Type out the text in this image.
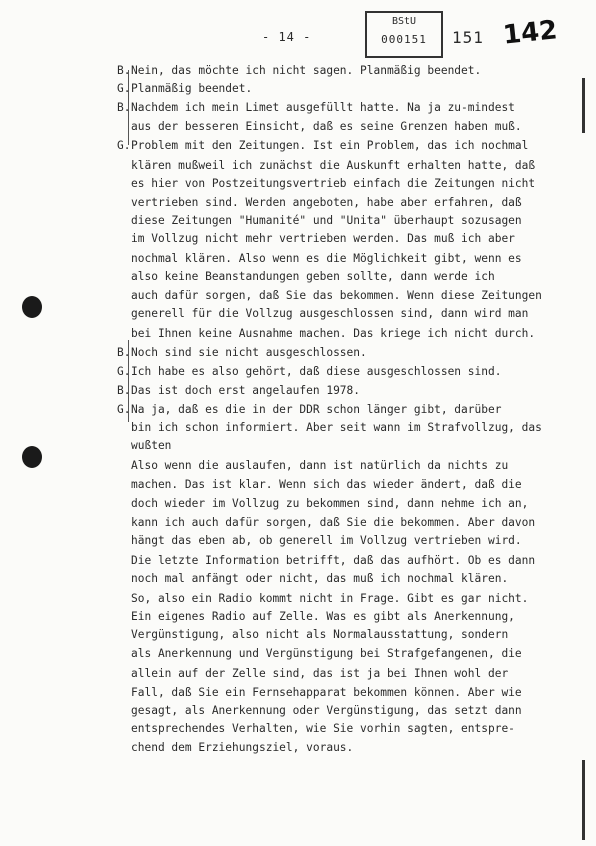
- 14 -
BStU
000151	151 142
B. Nein, das möchte ich nicht sagen. Planmäßig beendet.
G. Planmäßig beendet.
B. Nachdem ich mein Limet ausgefüllt hatte. Na ja zu-mindest
aus der besseren Einsicht, daß es seine Grenzen haben muß.
G. Problem mit den Zeitungen. Ist ein Problem, das ich nochmal
klären mußweil ich zunächst die Auskunft erhalten hatte, daß
es hier von Postzeitungsvertrieb einfach die Zeitungen nicht
vertrieben sind. Werden angeboten, habe aber erfahren, daß
diese Zeitungen "Humanité" und "Unita" überhaupt sozusagen
im Vollzug nicht mehr vertrieben werden. Das muß ich aber
nochmal klären. Also wenn es die Möglichkeit gibt, wenn es
also keine Beanstandungen geben sollte, dann werde ich
auch dafür sorgen, daß Sie das bekommen. Wenn diese Zeitungen
generell für die Vollzug ausgeschlossen sind, dann wird man
bei Ihnen keine Ausnahme machen. Das kriege ich nicht durch.
B. Noch sind sie nicht ausgeschlossen.
G. Ich habe es also gehört, daß diese ausgeschlossen sind.
B. Das ist doch erst angelaufen 1978.
G. Na ja, daß es die in der DDR schon länger gibt, darüber
bin ich schon informiert. Aber seit wann im Strafvollzug, das
wußten
Also wenn die auslaufen, dann ist natürlich da nichts zu
machen. Das ist klar. Wenn sich das wieder ändert, daß die
doch wieder im Vollzug zu bekommen sind, dann nehme ich an,
kann ich auch dafür sorgen, daß Sie die bekommen. Aber davon
hängt das eben ab, ob generell im Vollzug vertrieben wird.
Die letzte Information betrifft, daß das aufhört. Ob es dann
noch mal anfängt oder nicht, das muß ich nochmal klären.
So, also ein Radio kommt nicht in Frage. Gibt es gar nicht.
Ein eigenes Radio auf Zelle. Was es gibt als Anerkennung,
Vergünstigung, also nicht als Normalausstattung, sondern
als Anerkennung und Vergünstigung bei Strafgefangenen, die
allein auf der Zelle sind, das ist ja bei Ihnen wohl der
Fall, daß Sie ein Fernsehapparat bekommen können. Aber wie
gesagt, als Anerkennung oder Vergünstigung, das setzt dann
entsprechendes Verhalten, wie Sie vorhin sagten, entspre-
chend dem Erziehungsziel, voraus.
